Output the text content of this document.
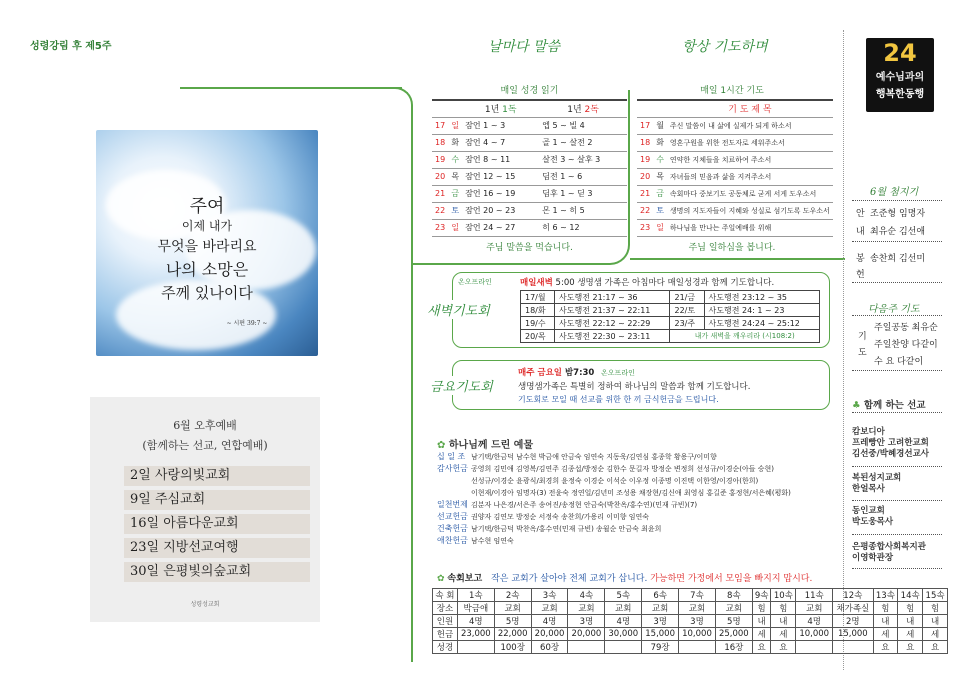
성령강림 후 제5주	24
예수님과의
행복한동행
주여
이제 내가
무엇을 바라리요
나의 소망은
주께 있나이다
~ 시편 39:7 ~
6월 오후예배
(함께하는 선교, 연합예배)
2일 사랑의빛교회
9일 주심교회
16일 아름다운교회
23일 지방선교여행
30일 은평빛의숲교회
성령성교회
날마다 말씀
매일 성경 읽기
		1년 1독	1년 2독
17	일	잠언 1 ~ 3	엡 5 ~ 빌 4
18	화	잠언 4 ~ 7	골 1 ~ 살전 2
19	수	잠언 8 ~ 11	살전 3 ~ 살후 3
20	목	잠언 12 ~ 15	딤전 1 ~ 6
21	금	잠언 16 ~ 19	딤후 1 ~ 딛 3
22	토	잠언 20 ~ 23	몬 1 ~ 히 5
23	일	잠언 24 ~ 27	히 6 ~ 12
주님 말씀을 먹습니다.
항상 기도하며
매일 1시간 기도
		기 도 제 목
17	월	주신 말씀이 내 삶에 실제가 되게 하소서
18	화	영혼구원을 위한 전도자로 세워주소서
19	수	연약한 지체들을 치료하여 주소서
20	목	자녀들의 믿음과 삶을 지켜주소서
21	금	속회마다 중보기도 공동체로 굳게 서게 도우소서
22	토	생명의 지도자들이 지혜와 성실로 섬기도록 도우소서
23	일	하나님을 만나는 주일예배를 위해
주님 일하심을 봅니다.
새벽기도회
온오프라인	매일새벽 5:00 생명샘 가족은 아침마다 매일성경과 함께 기도합니다.
17/월	사도행전 21:17 ~ 36	21/금	사도행전 23:12 ~ 35
18/화	사도행전 21:37 ~ 22:11	22/토	사도행전 24: 1 ~ 23
19/수	사도행전 22:12 ~ 22:29	23/주	사도행전 24:24 ~ 25:12
20/목	사도행전 22:30 ~ 23:11	내가 새벽을 깨우리라 (시108:2)	
금요기도회
매주 금요일 밤7:30 온오프라인
생명샘가족은 특별히 정하여 하나님의 말씀과 함께 기도합니다.
기도회로 모일 때 선교를 위한 한 끼 금식헌금을 드립니다.
✿ 하나님께 드린 예물
십 일 조 남기택/한금덕 남수현 박금애 안금숙 임연숙 지동욱/김연심 홍종학 황용구/이미향
감사헌금 공영희 김민애 김영복/김연주 김종섭/방정순 김한수 문길자 방정순 변정희 선성규/이경순(아들 승현)
선성규/이경순 윤광식/최경희 윤정숙 이경순 이석순 이우정 이종명 이진택 이한영/이경아(한희)
이현재/이경아 임명자(3) 전윤숙 정연일/김년미 조성용 채장현/김신애 최영심 홍길준 홍정현/서은혜(평화)
일천번제 김분자 나은경/서은주 송여진/송정현 안금숙(박찬옥/홍수연)(민재 규빈)(7)
선교헌금 권양자 김연모 방정순 서정숙 송찬희/가용리 이미향 임연숙
건축헌금 남기택/한금덕 박찬옥/홍수연(민재 규빈) 송월순 안금숙 최윤희
애찬헌금 남수현 임연숙
✿ 속회보고 작은 교회가 살아야 전체 교회가 삽니다. 가능하면 가정에서 모임을 빠지지 맙시다.
속 회	1속	2속	3속	4속	5속	6속	7속	8속	9속	10속	11속	12속	13속	14속	15속
장소	박금애	교회	교회	교회	교회	교회	교회	교회	힘	힘	교회	채가족실	힘	힘	힘
인원	4명	5명	4명	3명	4명	3명	3명	5명	내	내	4명	2명	내	내	내
헌금	23,000	22,000	20,000	20,000	30,000	15,000	10,000	25,000	세	세	10,000	15,000	세	세	세
성경		100장	60장			79장		16장	요	요			요	요	요
6월 첨지기
안 조준형 임명자
내 최유순 김선애
봉 송찬희 김선미
헌
다음주 기도
주일공동 최유순
주일찬양 다같이
수 요 다같이
기도
♣ 함께 하는 선교
캄보디아
프레빵안 고려한교회
김선중/박혜경선교사
복된성지교회
한얼목사
동인교회
박도웅목사
은평종합사회복지관
이영학관장
